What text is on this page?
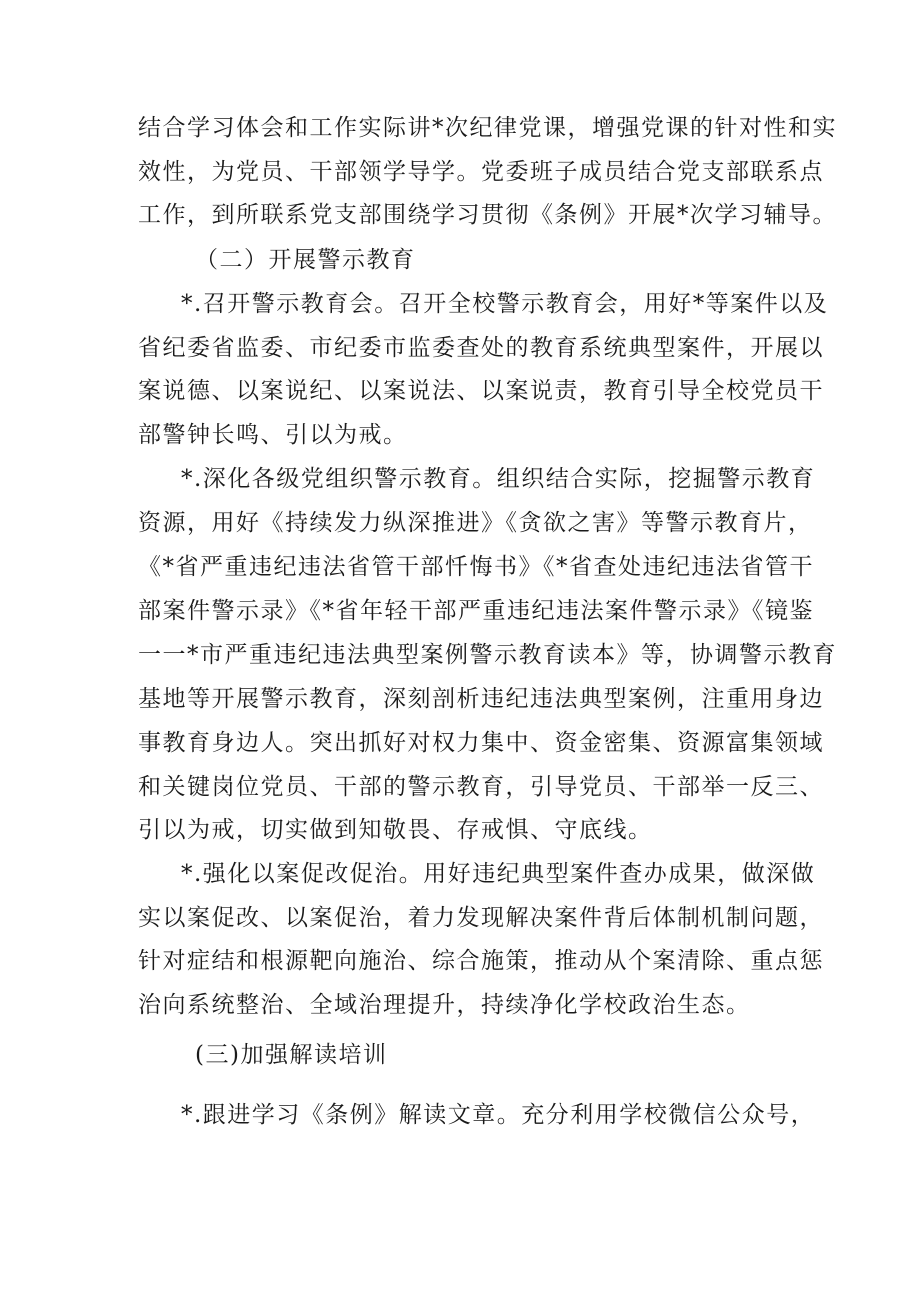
结合学习体会和工作实际讲*次纪律党课，增强党课的针对性和实
效性，为党员、干部领学导学。党委班子成员结合党支部联系点
工作，到所联系党支部围绕学习贯彻《条例》开展*次学习辅导。
（二）开展警示教育
*.召开警示教育会。召开全校警示教育会，用好*等案件以及
省纪委省监委、市纪委市监委查处的教育系统典型案件，开展以
案说德、以案说纪、以案说法、以案说责，教育引导全校党员干
部警钟长鸣、引以为戒。
*.深化各级党组织警示教育。组织结合实际，挖掘警示教育
资源，用好《持续发力纵深推进》《贪欲之害》等警示教育片，
《*省严重违纪违法省管干部忏悔书》《*省查处违纪违法省管干
部案件警示录》《*省年轻干部严重违纪违法案件警示录》《镜鉴
一一*市严重违纪违法典型案例警示教育读本》等，协调警示教育
基地等开展警示教育，深刻剖析违纪违法典型案例，注重用身边
事教育身边人。突出抓好对权力集中、资金密集、资源富集领域
和关键岗位党员、干部的警示教育，引导党员、干部举一反三、
引以为戒，切实做到知敬畏、存戒惧、守底线。
*.强化以案促改促治。用好违纪典型案件查办成果，做深做
实以案促改、以案促治，着力发现解决案件背后体制机制问题，
针对症结和根源靶向施治、综合施策，推动从个案清除、重点惩
治向系统整治、全域治理提升，持续净化学校政治生态。
(三)加强解读培训
*.跟进学习《条例》解读文章。充分利用学校微信公众号，
